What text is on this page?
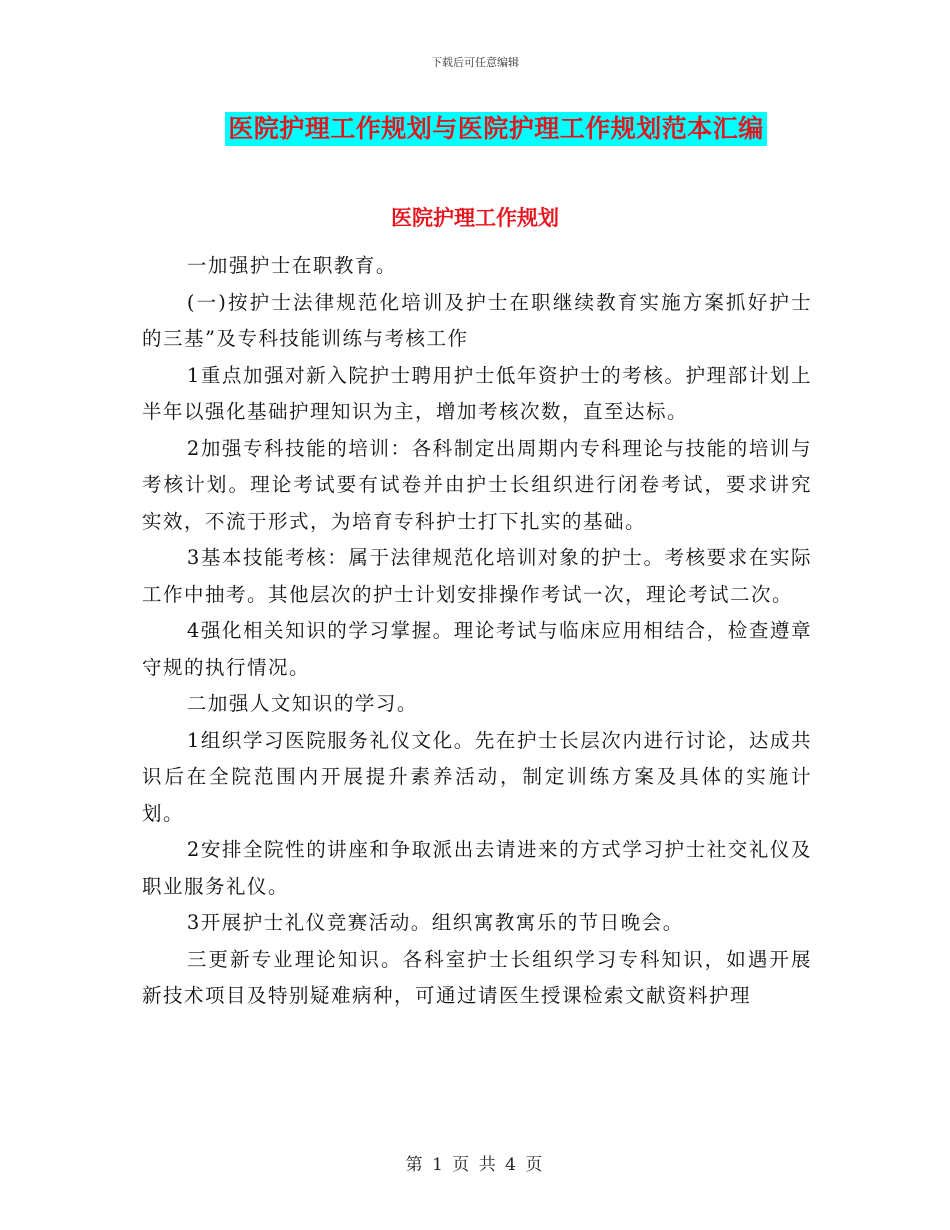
下载后可任意编辑
医院护理工作规划与医院护理工作规划范本汇编
医院护理工作规划

一加强护士在职教育。

(一)按护士法律规范化培训及护士在职继续教育实施方案抓好护士的三基”及专科技能训练与考核工作

1重点加强对新入院护士聘用护士低年资护士的考核。护理部计划上半年以强化基础护理知识为主，增加考核次数，直至达标。

2加强专科技能的培训：各科制定出周期内专科理论与技能的培训与考核计划。理论考试要有试卷并由护士长组织进行闭卷考试，要求讲究实效，不流于形式，为培育专科护士打下扎实的基础。

3基本技能考核：属于法律规范化培训对象的护士。考核要求在实际工作中抽考。其他层次的护士计划安排操作考试一次，理论考试二次。

4强化相关知识的学习掌握。理论考试与临床应用相结合，检查遵章守规的执行情况。

二加强人文知识的学习。

1组织学习医院服务礼仪文化。先在护士长层次内进行讨论，达成共识后在全院范围内开展提升素养活动，制定训练方案及具体的实施计划。

2安排全院性的讲座和争取派出去请进来的方式学习护士社交礼仪及职业服务礼仪。

3开展护士礼仪竞赛活动。组织寓教寓乐的节日晚会。

三更新专业理论知识。各科室护士长组织学习专科知识，如遇开展新技术项目及特别疑难病种，可通过请医生授课检索文献资料护理

第 1 页 共 4 页
